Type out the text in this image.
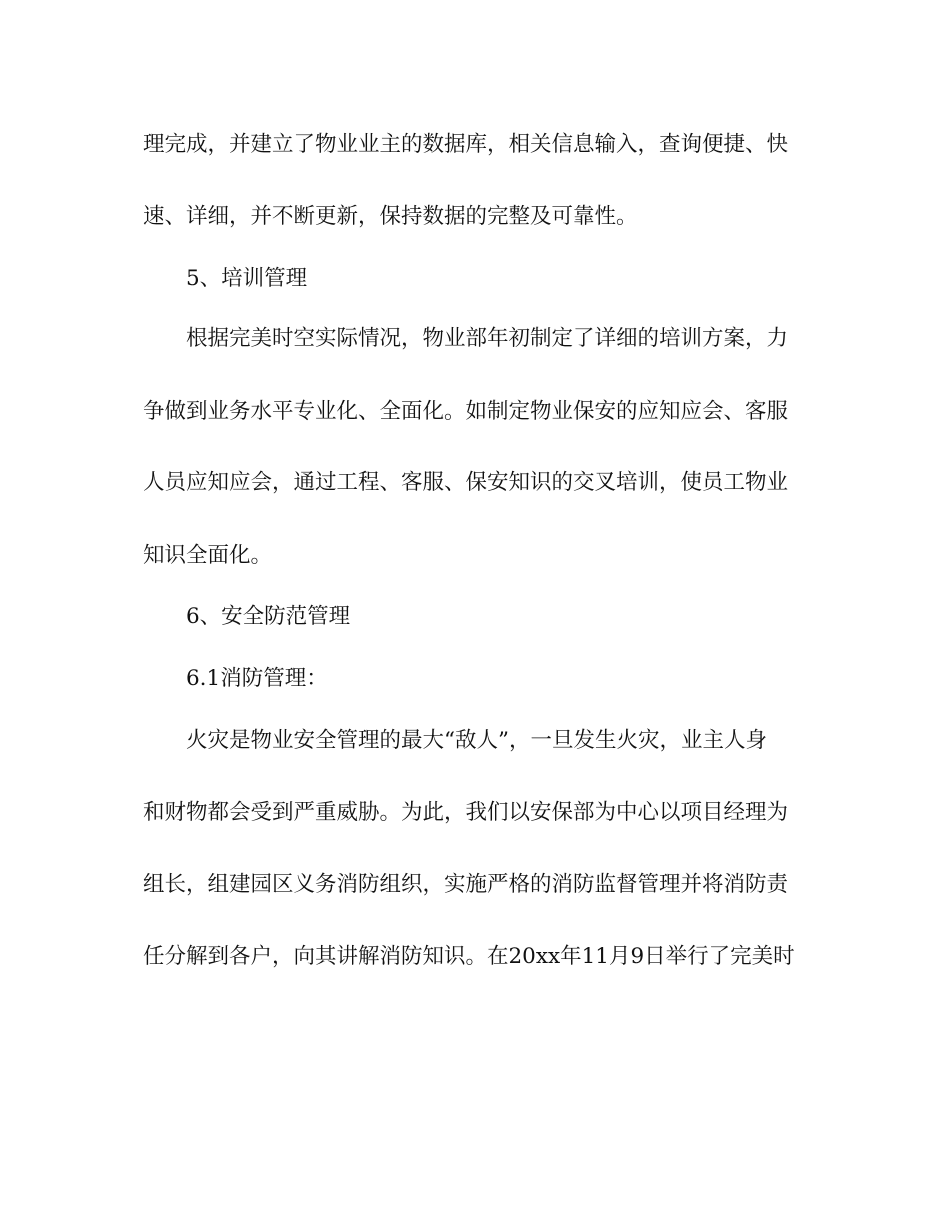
理完成，并建立了物业业主的数据库，相关信息输入，查询便捷、快
速、详细，并不断更新，保持数据的完整及可靠性。
5、培训管理
根据完美时空实际情况，物业部年初制定了详细的培训方案，力
争做到业务水平专业化、全面化。如制定物业保安的应知应会、客服
人员应知应会，通过工程、客服、保安知识的交叉培训，使员工物业
知识全面化。
6、安全防范管理
6.1消防管理：
火灾是物业安全管理的最大“敌人”，一旦发生火灾，业主人身
和财物都会受到严重威胁。为此，我们以安保部为中心以项目经理为
组长，组建园区义务消防组织，实施严格的消防监督管理并将消防责
任分解到各户，向其讲解消防知识。在20xx年11月9日举行了完美时
